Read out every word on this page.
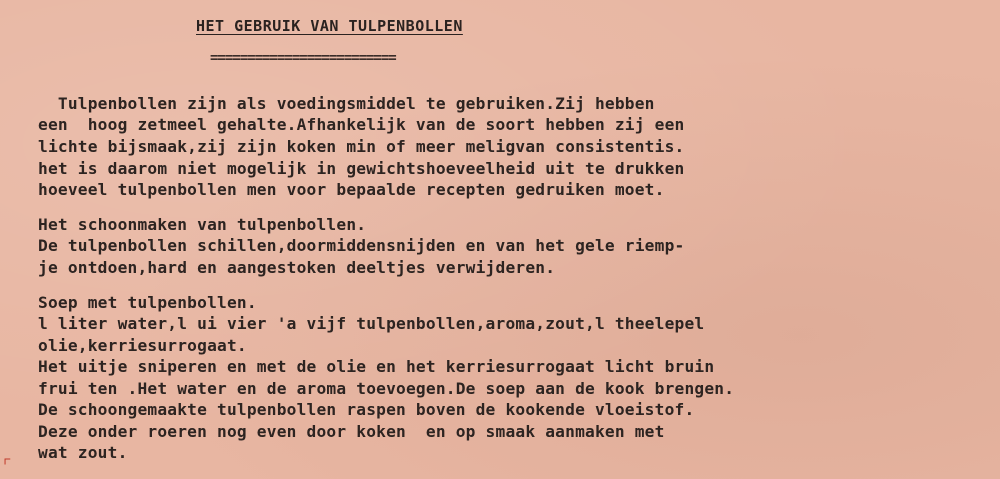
HET GEBRUIK VAN TULPENBOLLEN
=========================
Tulpenbollen zijn als voedingsmiddel te gebruiken.Zij hebben
een  hoog zetmeel gehalte.Afhankelijk van de soort hebben zij een
lichte bijsmaak,zij zijn koken min of meer meligvan consistentis.
het is daarom niet mogelijk in gewichtshoeveelheid uit te drukken
hoeveel tulpenbollen men voor bepaalde recepten gedruiken moet.
Het schoonmaken van tulpenbollen.
De tulpenbollen schillen,doormiddensnijden en van het gele riemp-
je ontdoen,hard en aangestoken deeltjes verwijderen.
Soep met tulpenbollen.
l liter water,l ui vier 'a vijf tulpenbollen,aroma,zout,l theelepel
olie,kerriesurrogaat.
Het uitje sniperen en met de olie en het kerriesurrogaat licht bruin
frui ten .Het water en de aroma toevoegen.De soep aan de kook brengen.
De schoongemaakte tulpenbollen raspen boven de kookende vloeistof.
Deze onder roeren nog even door koken  en op smaak aanmaken met
wat zout.
⌜
